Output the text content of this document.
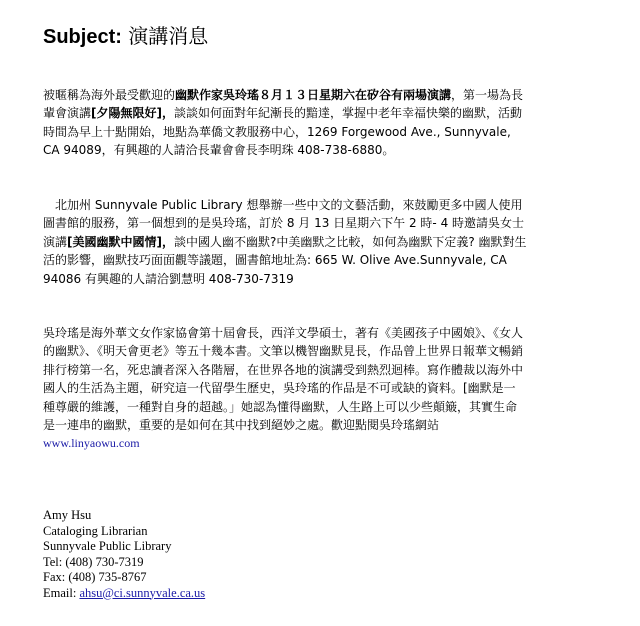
Subject: 演講消息

被暱稱為海外最受歡迎的幽默作家吳玲瑤８月１３日星期六在矽谷有兩場演講，第一場為長輩會演講[夕陽無限好]，談談如何面對年紀漸長的黯達，掌握中老年幸福快樂的幽默，活動時間為早上十點開始，地點為華僑文教服務中心，1269 Forgewood Ave., Sunnyvale, CA 94089，有興趣的人請洽長輩會會長李明珠 408-738-6880。

　北加州 Sunnyvale Public Library 想舉辦一些中文的文藝活動，來鼓勵更多中國人使用圖書館的服務，第一個想到的是吳玲瑤，訂於 8 月 13 日星期六下午 2 時- 4 時邀請吳女士演講[美國幽默中國情]，談中國人幽不幽默?中美幽默之比較，如何為幽默下定義? 幽默對生活的影響，幽默技巧面面觀等議題，圖書館地址為: 665 W. Olive Ave.Sunnyvale, CA 94086 有興趣的人請洽劉慧明 408-730-7319

吳玲瑤是海外華文女作家協會第十屆會長，西洋文學碩士，著有《美國孩子中國娘》、《女人的幽默》、《明天會更老》等五十幾本書。文筆以機智幽默見長，作品曾上世界日報華文暢銷排行榜第一名，死忠讀者深入各階層，在世界各地的演講受到熱烈迴棒。寫作體裁以海外中國人的生活為主題，研究這一代留學生歷史，吳玲瑤的作品是不可或缺的資料。[幽默是一種尊嚴的維護，一種對自身的超越。」她認為懂得幽默，人生路上可以少些顛簸，其實生命是一連串的幽默，重要的是如何在其中找到絕妙之處。歡迎點閱吳玲瑤網站 www.linyaowu.com

Amy Hsu
Cataloging Librarian
Sunnyvale Public Library
Tel: (408) 730-7319
Fax: (408) 735-8767
Email: ahsu@ci.sunnyvale.ca.us
